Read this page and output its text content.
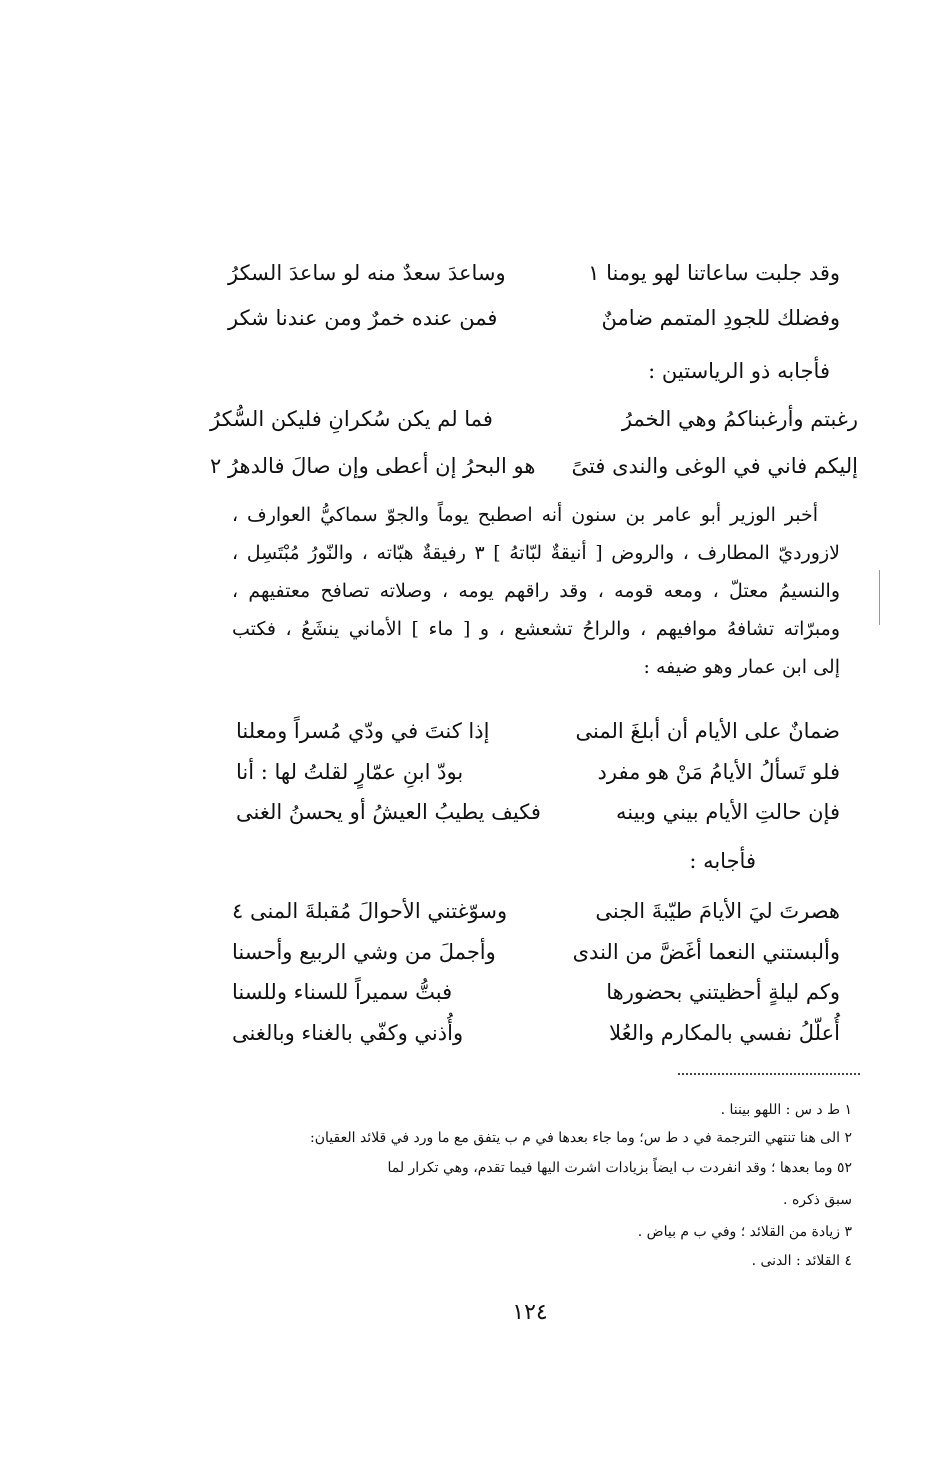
وقد جلبت ساعاتنا لهو يومنا ١
وساعدَ سعدٌ منه لو ساعدَ السكرُ
وفضلك للجودِ المتمم ضامنٌ
فمن عنده خمرٌ ومن عندنا شكر
فأجابه ذو الرياستين :
رغبتم وأرغبناكمُ وهي الخمرُ
فما لم يكن سُكرانِ فليكن السُّكرُ
إليكم فاني في الوغى والندى فتىً
هو البحرُ إن أعطى وإن صالَ فالدهرُ ٢
أخبر الوزير أبو عامر بن سنون أنه اصطبح يوماً والجوّ سماكيُّ العوارف ،
لازورديّ المطارف ، والروض [ أنيقةٌ لبّاتهُ ] ٣ رفيقةٌ هبّاته ، والنّورُ مُبْتَسِل ،
والنسيمُ معتلّ ، ومعه قومه ، وقد راقهم يومه ، وصلاته تصافح معتفيهم ،
ومبرّاته تشافهُ موافيهم ، والراحُ تشعشع ، و [ ماء ] الأماني ينشَعُ ، فكتب
إلى ابن عمار وهو ضيفه :
ضمانٌ على الأيام أن أبلغَ المنى
إذا كنتَ في ودّي مُسراً ومعلنا
فلو تَسألُ الأيامُ مَنْ هو مفرد
بودّ ابنِ عمّارٍ لقلتُ لها : أنا
فإن حالتِ الأيام بيني وبينه
فكيف يطيبُ العيشُ أو يحسنُ الغنى
فأجابه :
هصرتَ ليَ الأيامَ طيّبةَ الجنى
وسوّغتني الأحوالَ مُقبلةَ المنى ٤
وألبستني النعما أغَضَّ من الندى
وأجملَ من وشي الربيع وأحسنا
وكم ليلةٍ أحظيتني بحضورها
فبتُّ سميراً للسناء وللسنا
أُعلّلُ نفسي بالمكارم والعُلا
وأُذني وكفّي بالغناء وبالغنى
١ ط د س : اللهو بيننا .
٢ الى هنا تنتهي الترجمة في د ط س؛ وما جاء بعدها في م ب يتفق مع ما ورد في قلائد العقيان:
٥٢ وما بعدها ؛ وقد انفردت ب ايضاً بزيادات اشرت اليها فيما تقدم، وهي تكرار لما
سبق ذكره .
٣ زيادة من القلائد ؛ وفي ب م بياض .
٤ القلائد : الدنى .
١٢٤
